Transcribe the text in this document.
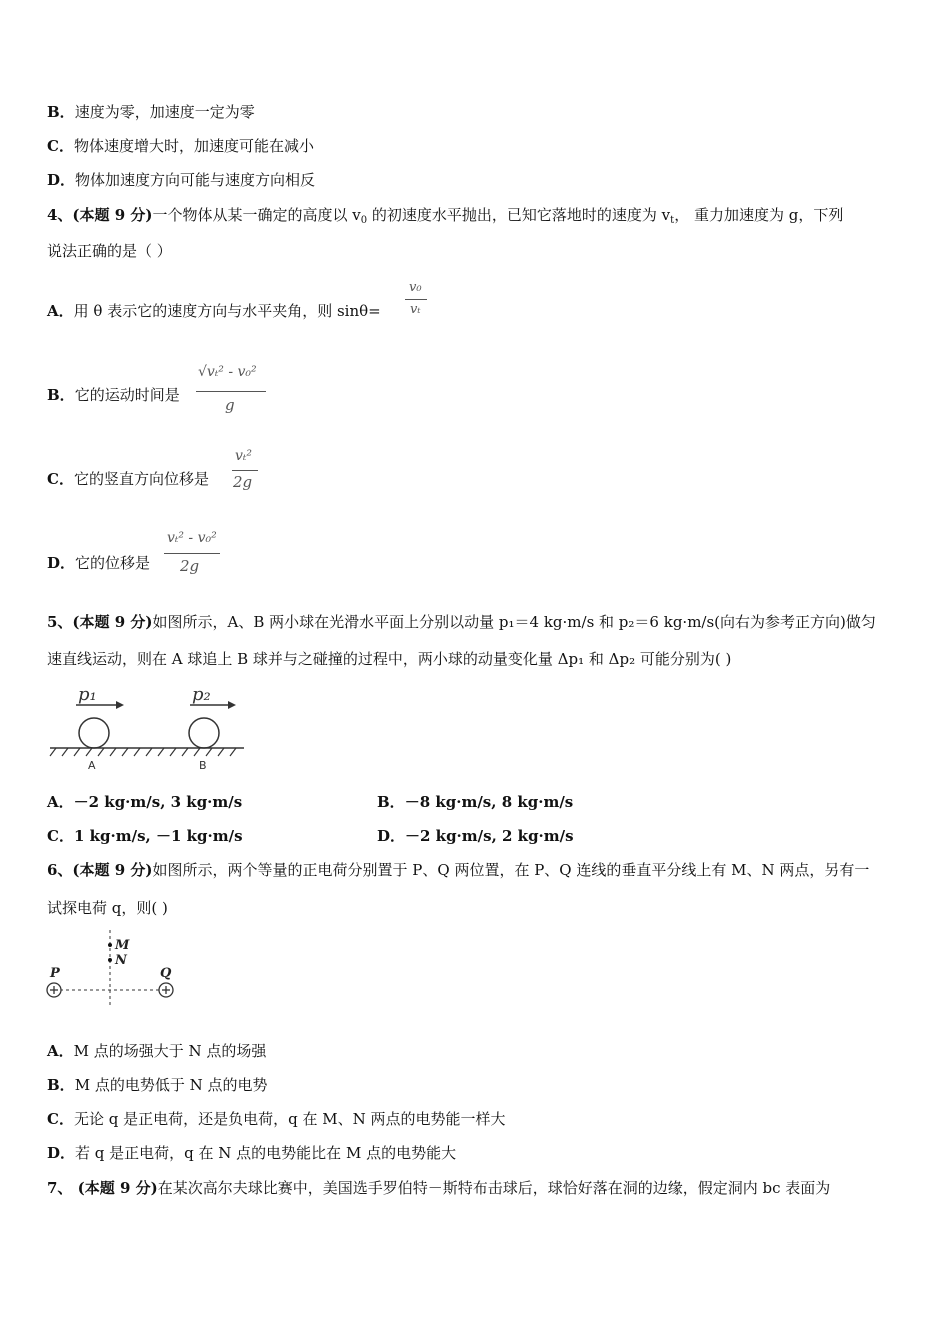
B．速度为零，加速度一定为零
C．物体速度增大时，加速度可能在减小
D．物体加速度方向可能与速度方向相反
4、(本题 9 分)一个物体从某一确定的高度以 $v_0$ 的初速度水平抛出，已知它落地时的速度为 $v_t$， 重力加速度为 g，下列
说法正确的是（ ）
A．用 θ 表示它的速度方向与水平夹角，则 sinθ=
v₀
vₜ
B．它的运动时间是
√vₜ² - v₀²
g
C．它的竖直方向位移是
vₜ²
2g
D．它的位移是
vₜ² - v₀²
2g
5、(本题 9 分)如图所示，A、B 两小球在光滑水平面上分别以动量 p₁＝4 kg·m/s 和 p₂＝6 kg·m/s(向右为参考正方向)做匀
速直线运动，则在 A 球追上 B 球并与之碰撞的过程中，两小球的动量变化量 Δp₁ 和 Δp₂ 可能分别为( )
p₁	p₂
A	B
A．－2 kg·m/s, 3 kg·m/s	B．－8 kg·m/s, 8 kg·m/s
C．1 kg·m/s, －1 kg·m/s	D．－2 kg·m/s, 2 kg·m/s
6、(本题 9 分)如图所示，两个等量的正电荷分别置于 P、Q 两位置，在 P、Q 连线的垂直平分线上有 M、N 两点，另有一
试探电荷 q，则( )
M
N
P	Q
A．M 点的场强大于 N 点的场强
B．M 点的电势低于 N 点的电势
C．无论 q 是正电荷，还是负电荷，q 在 M、N 两点的电势能一样大
D．若 q 是正电荷，q 在 N 点的电势能比在 M 点的电势能大
7、 (本题 9 分)在某次高尔夫球比赛中，美国选手罗伯特－斯特布击球后，球恰好落在洞的边缘，假定洞内 bc 表面为
